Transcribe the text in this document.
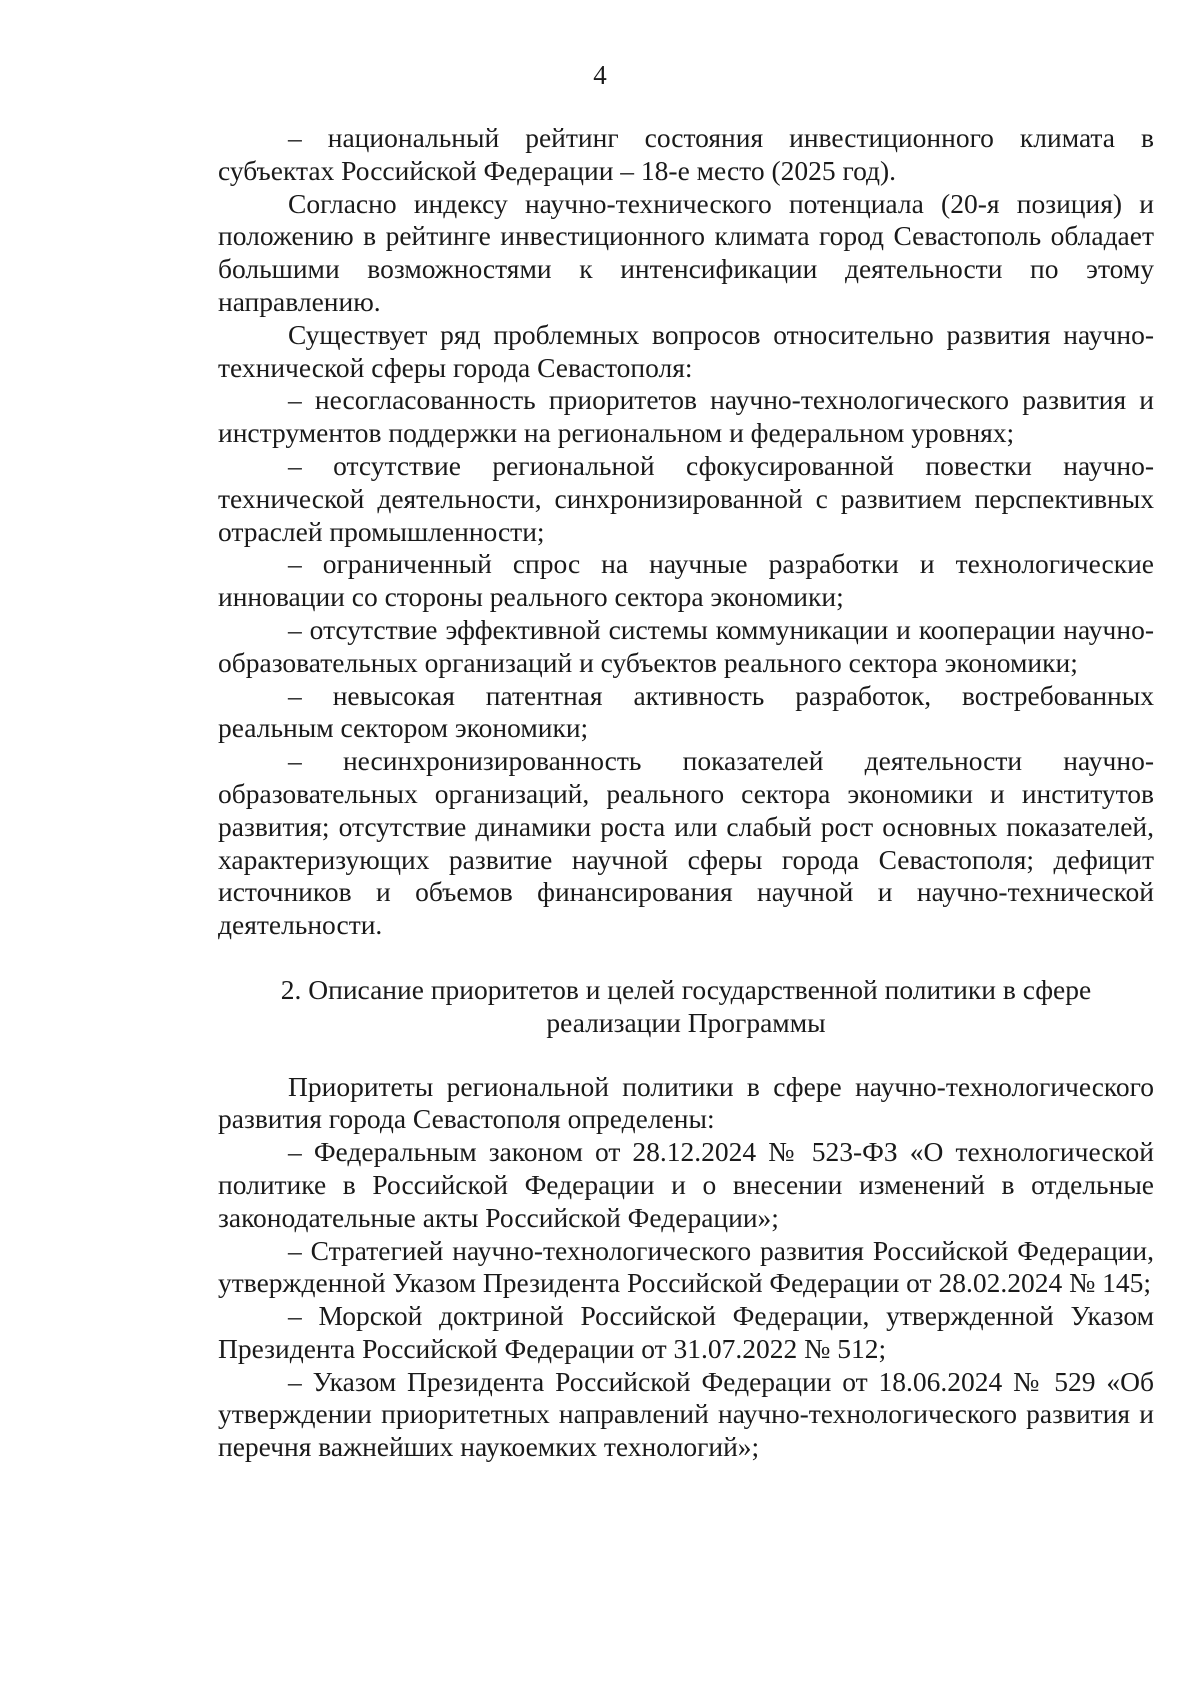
4

– национальный рейтинг состояния инвестиционного климата в субъектах Российской Федерации – 18-е место (2025 год).

Согласно индексу научно-технического потенциала (20-я позиция) и положению в рейтинге инвестиционного климата город Севастополь обладает большими возможностями к интенсификации деятельности по этому направлению.

Существует ряд проблемных вопросов относительно развития научно-технической сферы города Севастополя:

– несогласованность приоритетов научно-технологического развития и инструментов поддержки на региональном и федеральном уровнях;

– отсутствие региональной сфокусированной повестки научно-технической деятельности, синхронизированной с развитием перспективных отраслей промышленности;

– ограниченный спрос на научные разработки и технологические инновации со стороны реального сектора экономики;

– отсутствие эффективной системы коммуникации и кооперации научно-образовательных организаций и субъектов реального сектора экономики;

– невысокая патентная активность разработок, востребованных реальным сектором экономики;

– несинхронизированность показателей деятельности научно-образовательных организаций, реального сектора экономики и институтов развития; отсутствие динамики роста или слабый рост основных показателей, характеризующих развитие научной сферы города Севастополя; дефицит источников и объемов финансирования научной и научно-технической деятельности.

2. Описание приоритетов и целей государственной политики в сфере
реализации Программы

Приоритеты региональной политики в сфере научно-технологического развития города Севастополя определены:

– Федеральным законом от 28.12.2024 № 523-ФЗ «О технологической политике в Российской Федерации и о внесении изменений в отдельные законодательные акты Российской Федерации»;

– Стратегией научно-технологического развития Российской Федерации, утвержденной Указом Президента Российской Федерации от 28.02.2024 № 145;

– Морской доктриной Российской Федерации, утвержденной Указом Президента Российской Федерации от 31.07.2022 № 512;

– Указом Президента Российской Федерации от 18.06.2024 № 529 «Об утверждении приоритетных направлений научно-технологического развития и перечня важнейших наукоемких технологий»;
